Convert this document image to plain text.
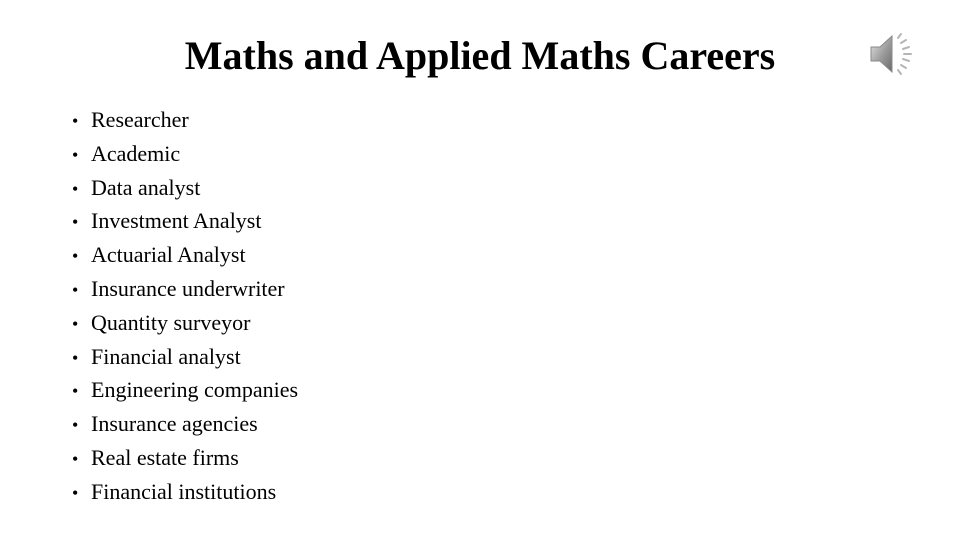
Maths and Applied Maths Careers
• Researcher
• Academic
• Data analyst
• Investment Analyst
• Actuarial Analyst
• Insurance underwriter
• Quantity surveyor
• Financial analyst
• Engineering companies
• Insurance agencies
• Real estate firms
• Financial institutions
